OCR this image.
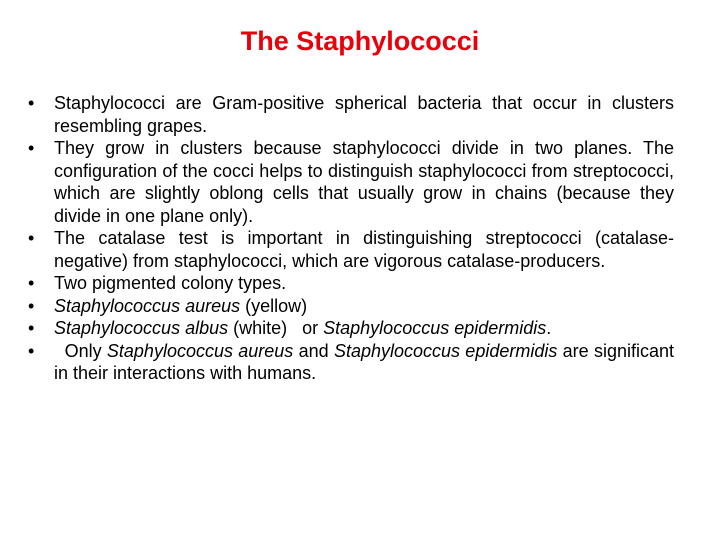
The Staphylococci
• Staphylococci are Gram-positive spherical bacteria that occur in clusters resembling grapes.
• They grow in clusters because staphylococci divide in two planes. The configuration of the cocci helps to distinguish staphylococci from streptococci, which are slightly oblong cells that usually grow in chains (because they divide in one plane only).
• The catalase test is important in distinguishing streptococci (catalase-negative) from staphylococci, which are vigorous catalase-producers.
• Two pigmented colony types.
• Staphylococcus aureus (yellow)
• Staphylococcus albus (white)   or Staphylococcus epidermidis.
• Only Staphylococcus aureus and Staphylococcus epidermidis are significant in their interactions with humans.
